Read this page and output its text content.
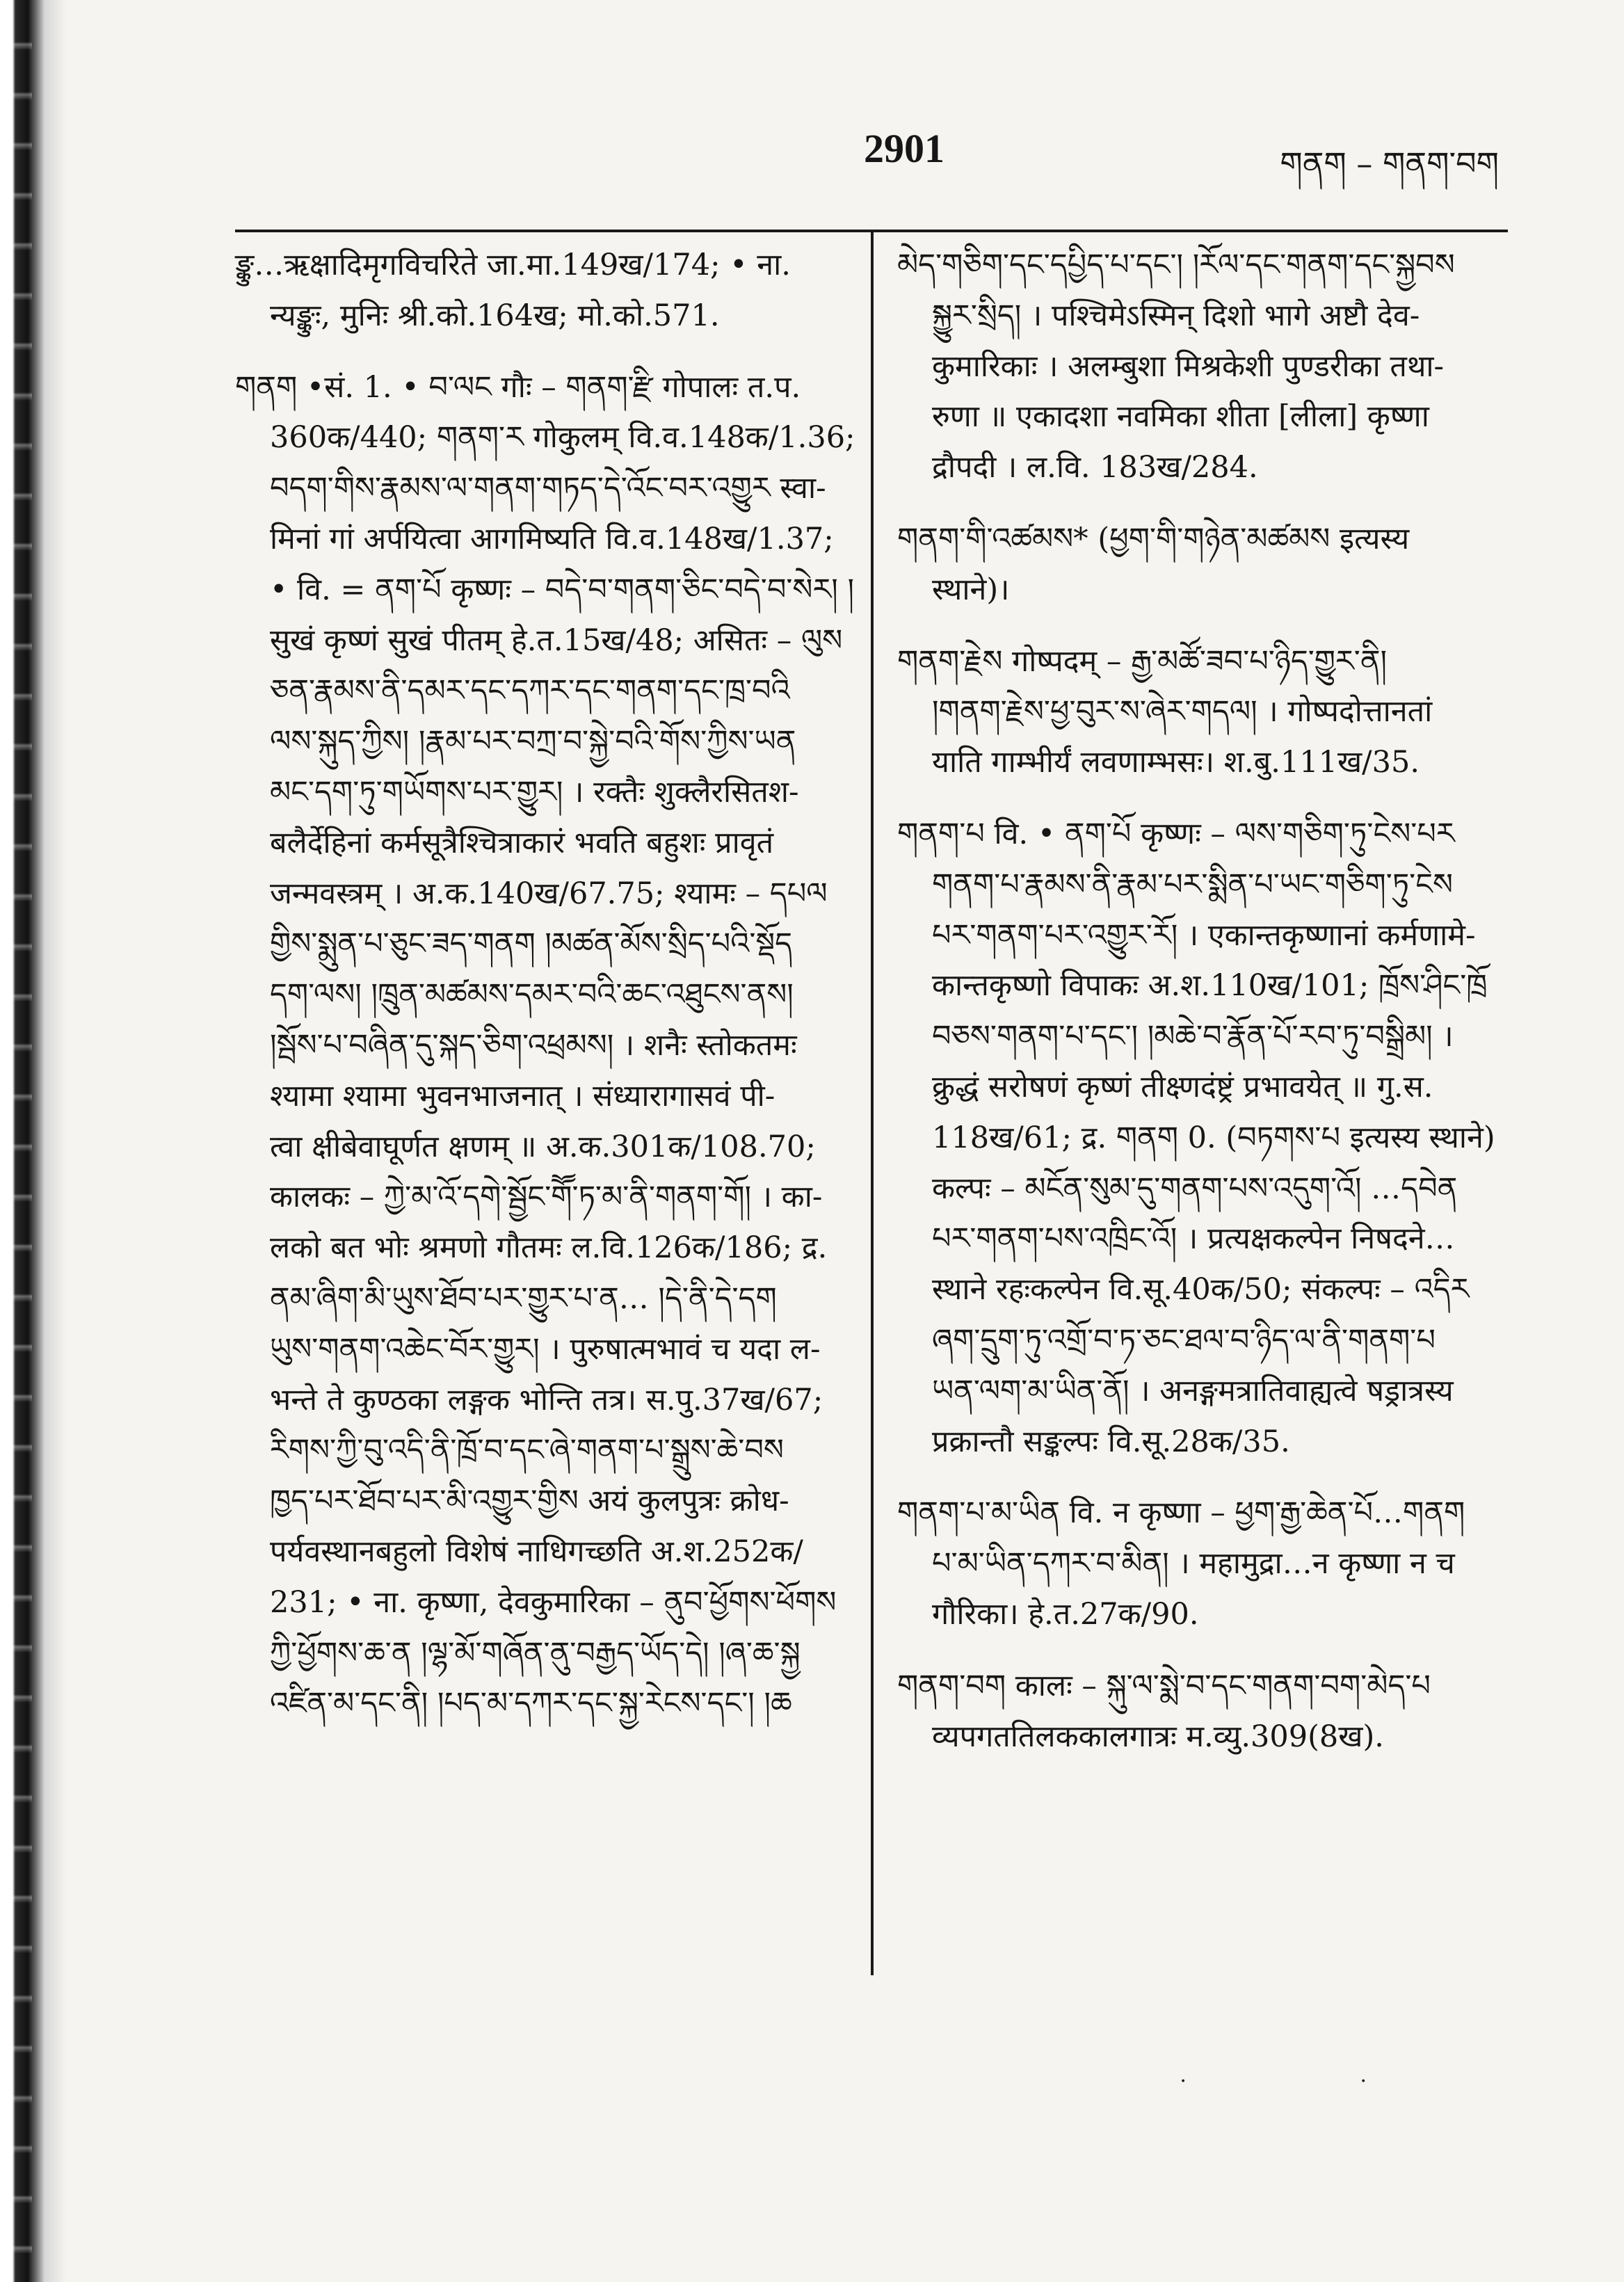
2901	གནག – གནག་བག

ङ्कु…ऋक्षादिमृगविचरिते जा.मा.149ख/174; • ना.

न्यङ्कुः, मुनिः श्री.को.164ख; मो.को.571.

གནག •सं. 1. • བ་ལང गौः – གནག་རྫི गोपालः त.प.

360क/440; གནག་ར गोकुलम् वि.व.148क/1.36;

བདག་གིས་རྣམས་ལ་གནག་གཏད་དེ་འོང་བར་འགྱུར स्वा-

मिनां गां अर्पयित्वा आगमिष्यति वि.व.148ख/1.37;

• वि. = ནག་པོ कृष्णः – བདེ་བ་གནག་ཅིང་བདེ་བ་སེར། །

सुखं कृष्णं सुखं पीतम् हे.त.15ख/48; असितः – ལུས

ཅན་རྣམས་ནི་དམར་དང་དཀར་དང་གནག་དང་ཁྲ་བའི

ལས་སྐུད་ཀྱིས། །རྣམ་པར་བཀྲ་བ་སྐྱེ་བའི་གོས་ཀྱིས་ཡན

མང་དག་ཏུ་གཡོགས་པར་གྱུར། । रक्तैः शुक्लैरसितश-

बलैर्देहिनां कर्मसूत्रैश्चित्राकारं भवति बहुशः प्रावृतं

जन्मवस्त्रम् । अ.क.140ख/67.75; श्यामः – དཔལ

གྱིས་སྨུན་པ་ཅུང་ཟད་གནག །མཚན་མོས་སྲིད་པའི་སྡོད

དག་ལས། །ཁྲུན་མཚམས་དམར་བའི་ཆང་འཐུངས་ནས།

།སྦོས་པ་བཞིན་དུ་སྐད་ཅིག་འཕྲམས། । शनैः स्तोकतमः

श्यामा श्यामा भुवनभाजनात् । संध्यारागासवं पी-

त्वा क्षीबेवाघूर्णत क्षणम् ॥ अ.क.301क/108.70;

कालकः – ཀྱེ་མ་འོ་དགེ་སྦྱོང་གཽ་ཏ་མ་ནི་གནག་གོ། । का-

लको बत भोः श्रमणो गौतमः ल.वि.126क/186; द्र.

ནམ་ཞིག་མི་ཡུས་ཐོབ་པར་གྱུར་པ་ན… །དེ་ནི་དེ་དག

ཡུས་གནག་འཆེང་བོར་གྱུར། । पुरुषात्मभावं च यदा ल-

भन्ते ते कुण्ठका लङ्गक भोन्ति तत्र। स.पु.37ख/67;

རིགས་ཀྱི་བུ་འདི་ནི་ཁྲོ་བ་དང་ཞེ་གནག་པ་སྒྲུས་ཆེ་བས

ཁྱད་པར་ཐོབ་པར་མི་འགྱུར་གྱིས अयं कुलपुत्रः क्रोध-

पर्यवस्थानबहुलो विशेषं नाधिगच्छति अ.श.252क/

231; • ना. कृष्णा, देवकुमारिका – ནུབ་ཕྱོགས་ཕོགས

ཀྱི་ཕྱོགས་ཆ་ན །ལྷ་མོ་གཞོན་ནུ་བརྒྱད་ཡོད་དེ། །ཞ་ཆ་སྐྱ

འཛིན་མ་དང་ནི། །པད་མ་དཀར་དང་སྐྱ་རེངས་དང་། །ཆ

མེད་གཅིག་དང་དཔྱིད་པ་དང་། །རོལ་དང་གནག་དང་སྐྱབས

སྐྱུར་སྲིད། । पश्चिमेऽस्मिन् दिशो भागे अष्टौ देव-

कुमारिकाः । अलम्बुशा मिश्रकेशी पुण्डरीका तथा-

रुणा ॥ एकादशा नवमिका शीता [लीला] कृष्णा

द्रौपदी । ल.वि. 183ख/284.

གནག་གི་འཚམས* (ཕྱག་གི་གཉེན་མཚམས इत्यस्य

स्थाने)।

གནག་རྗེས गोष्पदम् – རྒྱ་མཚོ་ཟབ་པ་ཉིད་གྱུར་ནི།

།གནག་རྗེས་ཕྱ་བུར་ས་ཞེར་གདལ། । गोष्पदोत्तानतां

याति गाम्भीर्यं लवणाम्भसः। श.बु.111ख/35.

གནག་པ वि. • ནག་པོ कृष्णः – ལས་གཅིག་ཏུ་ངེས་པར

གནག་པ་རྣམས་ནི་རྣམ་པར་སྨིན་པ་ཡང་གཅིག་ཏུ་ངེས

པར་གནག་པར་འགྱུར་རོ། । एकान्तकृष्णानां कर्मणामे-

कान्तकृष्णो विपाकः अ.श.110ख/101; ཁྲོས་ཤིང་ཁྲོ

བཅས་གནག་པ་དང་། །མཆེ་བ་རྣོན་པོ་རབ་ཏུ་བསྒྲིམ། ।

क्रुद्धं सरोषणं कृष्णं तीक्ष्णदंष्ट्रं प्रभावयेत् ॥ गु.स.

118ख/61; द्र. གནག 0. (བཏགས་པ इत्यस्य स्थाने)

कल्पः – མངོན་སུམ་དུ་གནག་པས་འདུག་འོ། …དབེན

པར་གནག་པས་འཁྲིང་འོ། । प्रत्यक्षकल्पेन निषदने…

स्थाने रहःकल्पेन वि.सू.40क/50; संकल्पः – འདིར

ཞག་དྲུག་ཏུ་འགྲོ་བ་ཏ་ཅང་ཐལ་བ་ཉིད་ལ་ནི་གནག་པ

ཡན་ལག་མ་ཡིན་ནོ། । अनङ्गमत्रातिवाह्यत्वे षड्रात्रस्य

प्रक्रान्तौ सङ्कल्पः वि.सू.28क/35.

གནག་པ་མ་ཡིན वि. न कृष्णा – ཕྱག་རྒྱ་ཆེན་པོ…གནག

པ་མ་ཡིན་དཀར་བ་མིན། । महामुद्रा…न कृष्णा न च

गौरिका। हे.त.27क/90.

གནག་བག कालः – སྐུ་ལ་སྨེ་བ་དང་གནག་བག་མེད་པ

व्यपगततिलककालगात्रः म.व्यु.309(8ख).

· ·
